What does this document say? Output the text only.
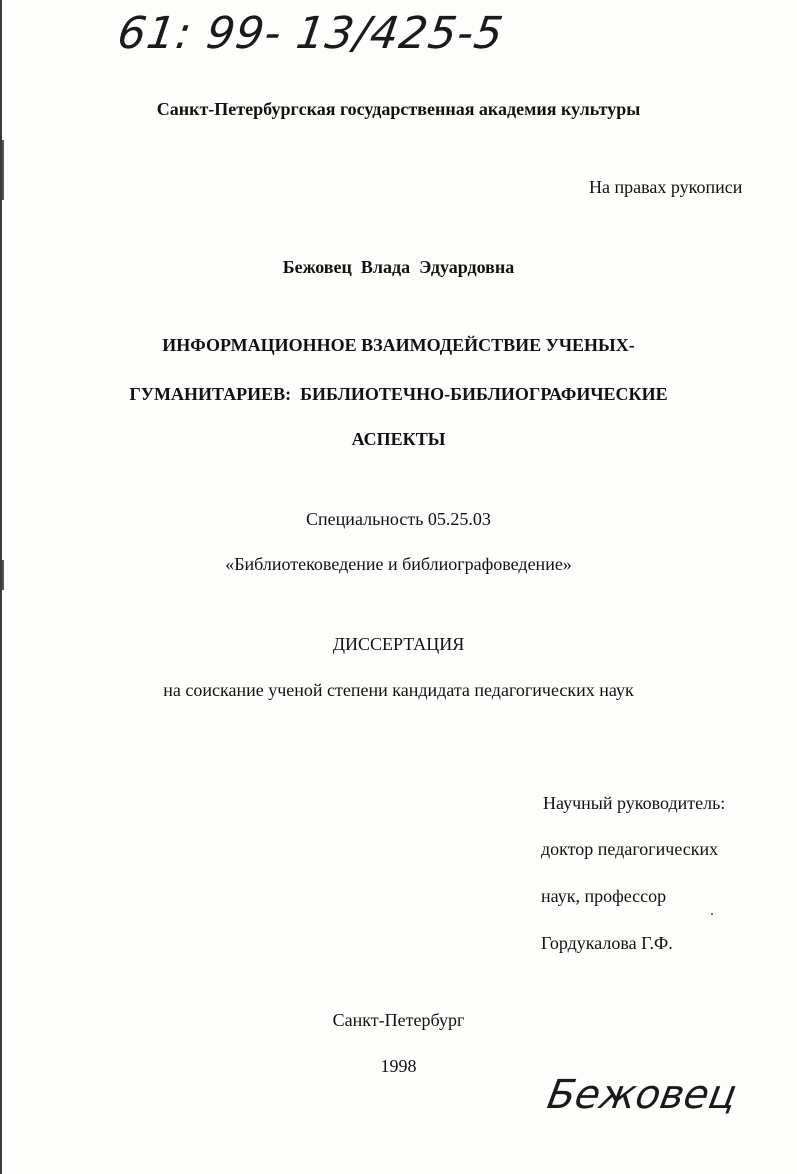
61: 99- 13/425-5
Санкт-Петербургская государственная академия культуры
На правах рукописи
Бежовец  Влада  Эдуардовна
ИНФОРМАЦИОННОЕ ВЗАИМОДЕЙСТВИЕ УЧЕНЫХ-
ГУМАНИТАРИЕВ:  БИБЛИОТЕЧНО-БИБЛИОГРАФИЧЕСКИЕ
АСПЕКТЫ
Специальность 05.25.03
«Библиотековедение и библиографоведение»
ДИССЕРТАЦИЯ
на соискание ученой степени кандидата педагогических наук
Научный руководитель:
доктор педагогических
наук, профессор
Гордукалова Г.Ф.
Санкт-Петербург
1998
Бежовец
